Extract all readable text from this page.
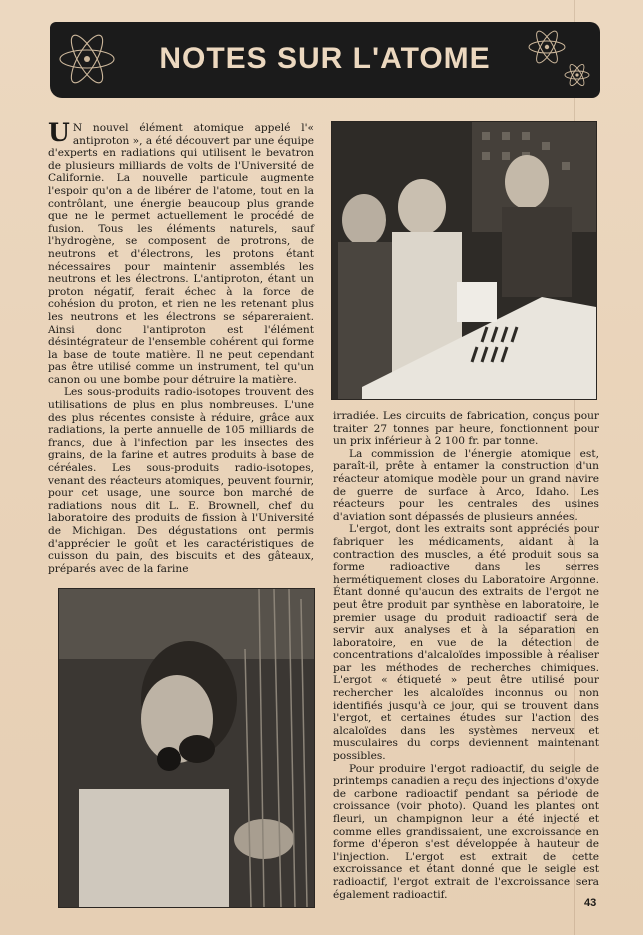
NOTES SUR L'ATOME

U N nouvel élément atomique appelé l'« antiproton », a été découvert par une équipe d'experts en radiations qui utilisent le bevatron de plusieurs milliards de volts de l'Université de Californie. La nouvelle particule augmente l'espoir qu'on a de libérer de l'atome, tout en la contrôlant, une énergie beaucoup plus grande que ne le permet actuellement le procédé de fusion. Tous les éléments naturels, sauf l'hydrogène, se composent de protrons, de neutrons et d'électrons, les protons étant nécessaires pour maintenir assemblés les neutrons et les électrons. L'antiproton, étant un proton négatif, ferait échec à la force de cohésion du proton, et rien ne les retenant plus les neutrons et les électrons se sépareraient. Ainsi donc l'antiproton est l'élément désintégrateur de l'ensemble cohérent qui forme la base de toute matière. Il ne peut cependant pas être utilisé comme un instrument, tel qu'un canon ou une bombe pour détruire la matière.

Les sous-produits radio-isotopes trouvent des utilisations de plus en plus nombreuses. L'une des plus récentes consiste à réduire, grâce aux radiations, la perte annuelle de 105 milliards de francs, due à l'infection par les insectes des grains, de la farine et autres produits à base de céréales. Les sous-produits radio-isotopes, venant des réacteurs atomiques, peuvent fournir, pour cet usage, une source bon marché de radiations nous dit L. E. Brownell, chef du laboratoire des produits de fission à l'Université de Michigan. Des dégustations ont permis d'apprécier le goût et les caractéristiques de cuisson du pain, des biscuits et des gâteaux, préparés avec de la farine

irradiée. Les circuits de fabrication, conçus pour traiter 27 tonnes par heure, fonctionnent pour un prix inférieur à 2 100 fr. par tonne.

La commission de l'énergie atomique est, paraît-il, prête à entamer la construction d'un réacteur atomique modèle pour un grand navire de guerre de surface à Arco, Idaho. Les réacteurs pour les centrales des usines d'aviation sont dépassés de plusieurs années.

L'ergot, dont les extraits sont appréciés pour fabriquer les médicaments, aidant à la contraction des muscles, a été produit sous sa forme radioactive dans les serres hermétiquement closes du Laboratoire Argonne. Étant donné qu'aucun des extraits de l'ergot ne peut être produit par synthèse en laboratoire, le premier usage du produit radioactif sera de servir aux analyses et à la séparation en laboratoire, en vue de la détection de concentrations d'alcaloïdes impossible à réaliser par les méthodes de recherches chimiques. L'ergot « étiqueté » peut être utilisé pour rechercher les alcaloïdes inconnus ou non identifiés jusqu'à ce jour, qui se trouvent dans l'ergot, et certaines études sur l'action des alcaloïdes dans les systèmes nerveux et musculaires du corps deviennent maintenant possibles.

Pour produire l'ergot radioactif, du seigle de printemps canadien a reçu des injections d'oxyde de carbone radioactif pendant sa période de croissance (voir photo). Quand les plantes ont fleuri, un champignon leur a été injecté et comme elles grandissaient, une excroissance en forme d'éperon s'est développée à hauteur de l'injection. L'ergot est extrait de cette excroissance et étant donné que le seigle est radioactif, l'ergot extrait de l'excroissance sera également radioactif.

43
